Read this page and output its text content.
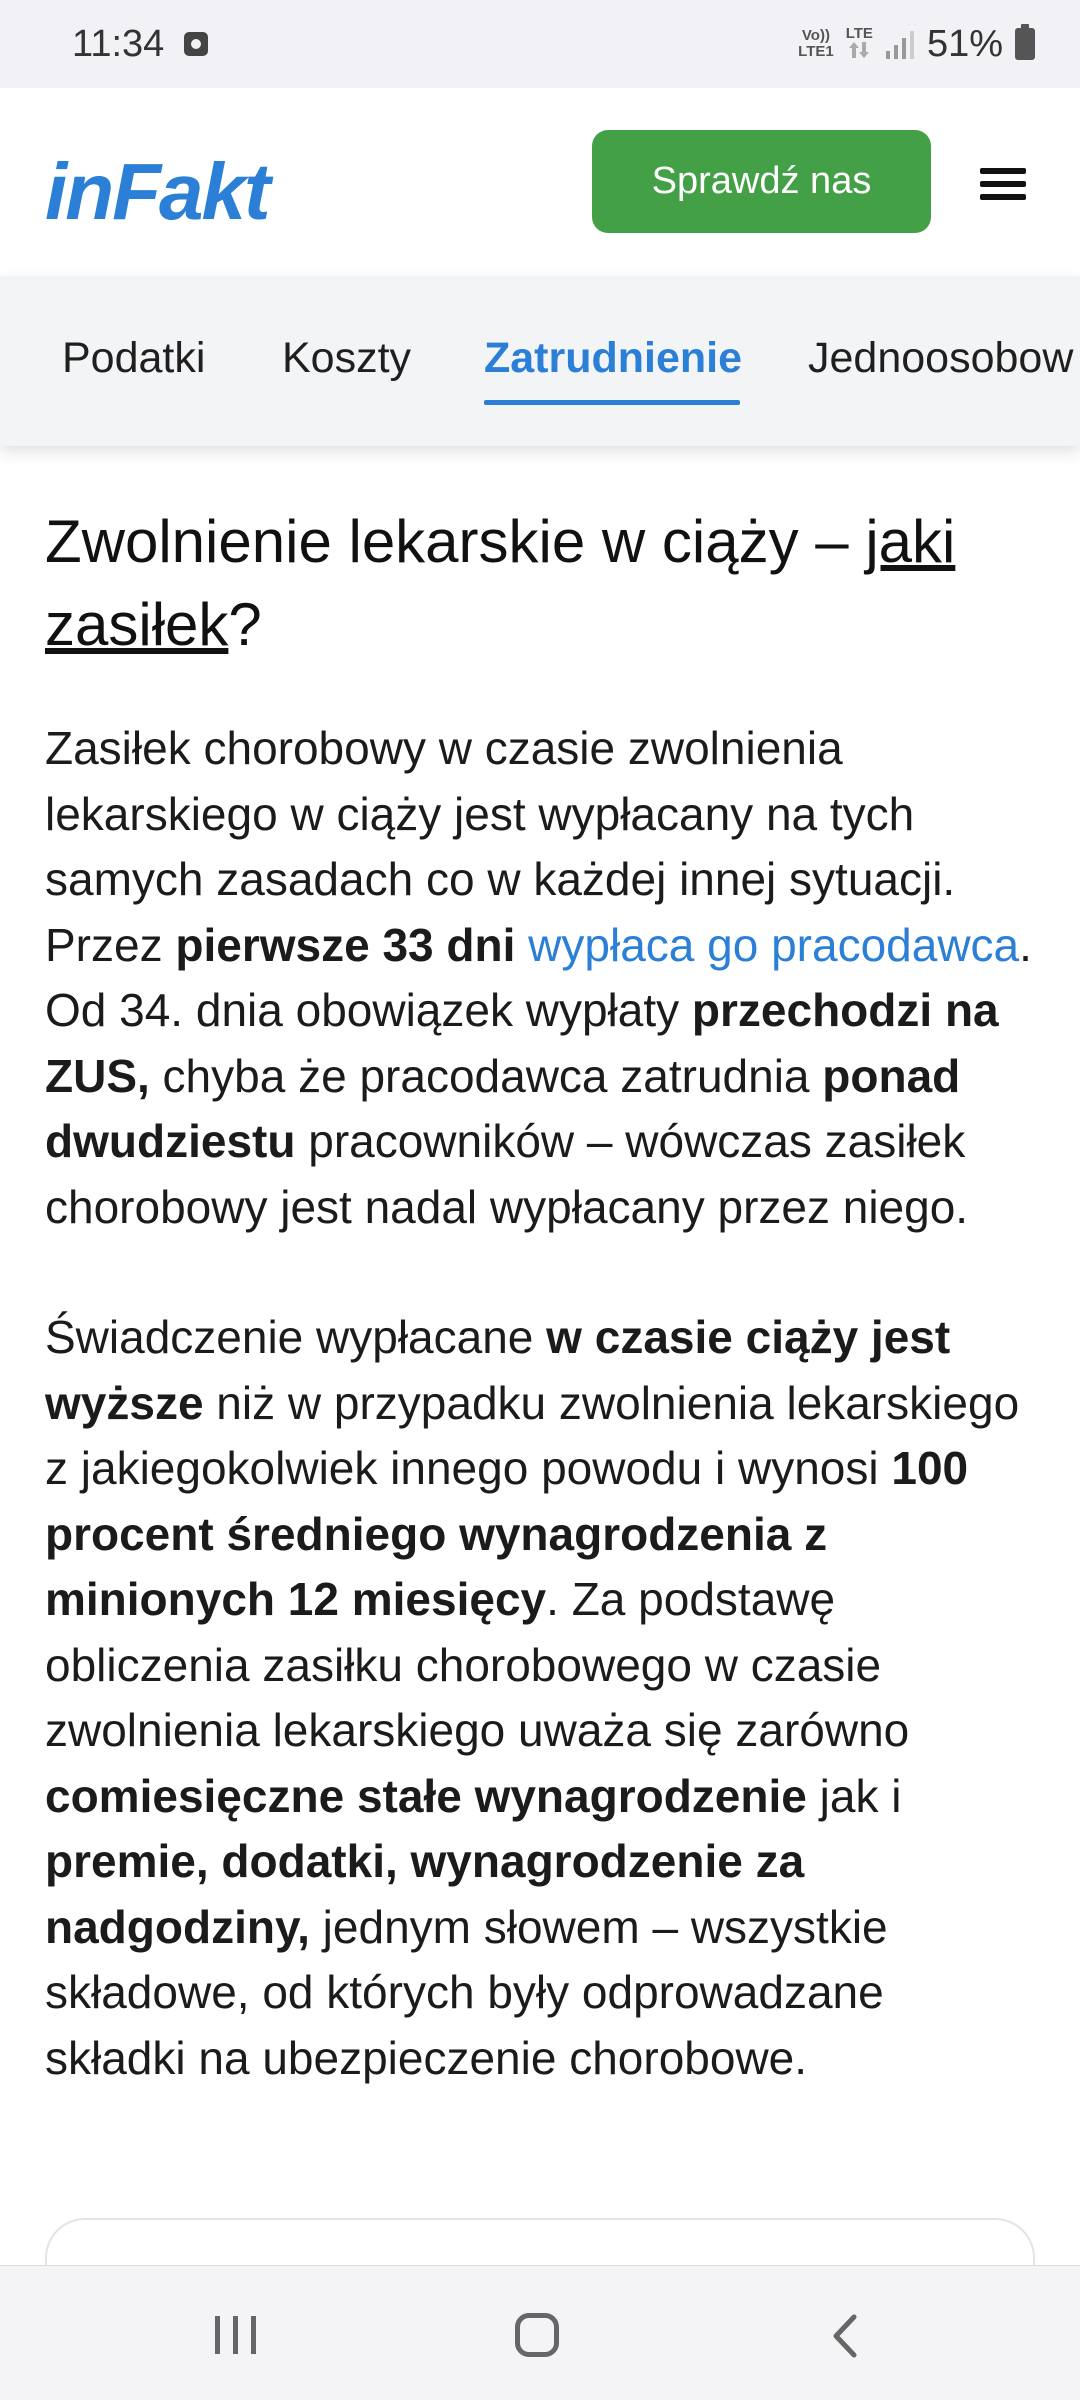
11:34	Vo))
LTE1
LTE 51%
inFakt	Sprawdź nas
Podatki Koszty Zatrudnienie Jednoosobow
Zwolnienie lekarskie w ciąży – jaki zasiłek?

Zasiłek chorobowy w czasie zwolnienia lekarskiego w ciąży jest wypłacany na tych samych zasadach co w każdej innej sytuacji. Przez pierwsze 33 dni wypłaca go pracodawca. Od 34. dnia obowiązek wypłaty przechodzi na ZUS, chyba że pracodawca zatrudnia ponad dwudziestu pracowników – wówczas zasiłek chorobowy jest nadal wypłacany przez niego.

Świadczenie wypłacane w czasie ciąży jest wyższe niż w przypadku zwolnienia lekarskiego z jakiegokolwiek innego powodu i wynosi 100 procent średniego wynagrodzenia z minionych 12 miesięcy. Za podstawę obliczenia zasiłku chorobowego w czasie zwolnienia lekarskiego uważa się zarówno comiesięczne stałe wynagrodzenie jak i premie, dodatki, wynagrodzenie za nadgodziny, jednym słowem – wszystkie składowe, od których były odprowadzane składki na ubezpieczenie chorobowe.
